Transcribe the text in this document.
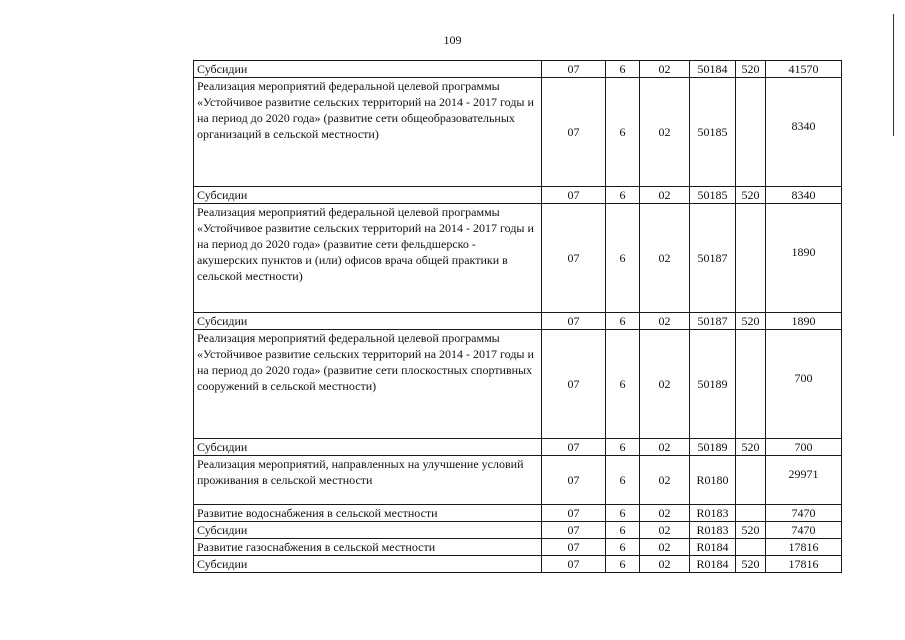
109
Субсидии	07	6	02	50184	520	41570
Реализация мероприятий федеральной целевой программы «Устойчивое развитие сельских территорий на 2014 - 2017 годы и на период до 2020 года» (развитие сети общеобразовательных организаций в сельской местности)	07	6	02	50185		8340
Субсидии	07	6	02	50185	520	8340
Реализация мероприятий федеральной целевой программы «Устойчивое развитие сельских территорий на 2014 - 2017 годы и на период до 2020 года» (развитие сети фельдшерско - акушерских пунктов и (или) офисов врача общей практики в сельской местности)	07	6	02	50187		1890
Субсидии	07	6	02	50187	520	1890
Реализация мероприятий федеральной целевой программы «Устойчивое развитие сельских территорий на 2014 - 2017 годы и на период до 2020 года» (развитие сети плоскостных спортивных сооружений в сельской местности)	07	6	02	50189		700
Субсидии	07	6	02	50189	520	700
Реализация мероприятий, направленных на улучшение условий проживания в сельской местности	07	6	02	R0180		29971
Развитие водоснабжения в сельской местности	07	6	02	R0183		7470
Субсидии	07	6	02	R0183	520	7470
Развитие газоснабжения в сельской местности	07	6	02	R0184		17816
Субсидии	07	6	02	R0184	520	17816
